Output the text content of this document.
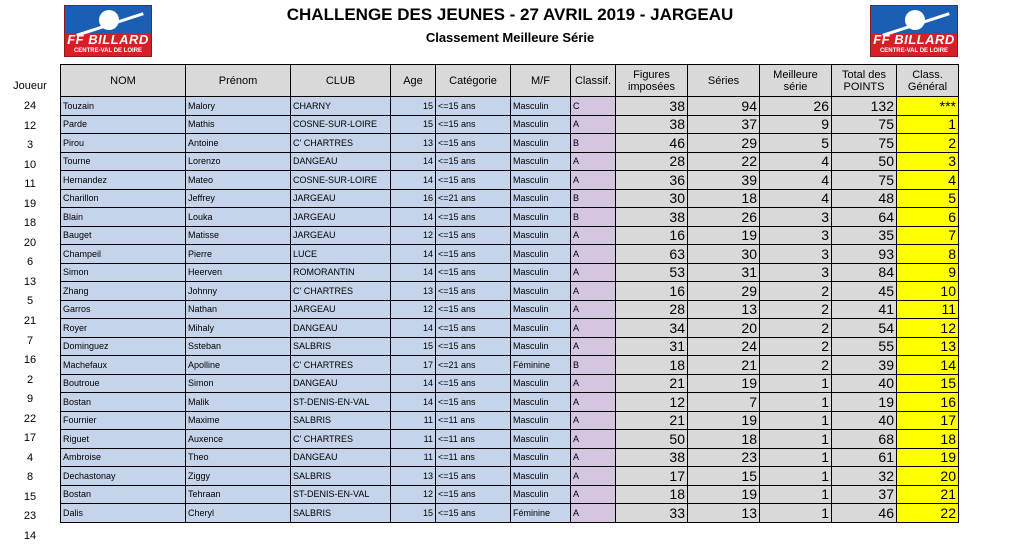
FF BILLARD
CENTRE-VAL DE LOIRE
FF BILLARD
CENTRE-VAL DE LOIRE
CHALLENGE DES JEUNES - 27 AVRIL 2019 - JARGEAU
Classement Meilleure Série
Joueur
24
12
3
10
11
19
18
20
6
13
5
21
7
16
2
9
22
17
4
8
15
23
14
NOM	Prénom	CLUB	Age	Catégorie	M/F	Classif.	Figures imposées	Séries	Meilleure série	Total des POINTS	Class. Général
Touzain	Malory	CHARNY	15	<=15 ans	Masculin	C	38	94	26	132	***
Parde	Mathis	COSNE-SUR-LOIRE	15	<=15 ans	Masculin	A	38	37	9	75	1
Pirou	Antoine	C' CHARTRES	13	<=15 ans	Masculin	B	46	29	5	75	2
Tourne	Lorenzo	DANGEAU	14	<=15 ans	Masculin	A	28	22	4	50	3
Hernandez	Mateo	COSNE-SUR-LOIRE	14	<=15 ans	Masculin	A	36	39	4	75	4
Charillon	Jeffrey	JARGEAU	16	<=21 ans	Masculin	B	30	18	4	48	5
Blain	Louka	JARGEAU	14	<=15 ans	Masculin	B	38	26	3	64	6
Bauget	Matisse	JARGEAU	12	<=15 ans	Masculin	A	16	19	3	35	7
Champeil	Pierre	LUCE	14	<=15 ans	Masculin	A	63	30	3	93	8
Simon	Heerven	ROMORANTIN	14	<=15 ans	Masculin	A	53	31	3	84	9
Zhang	Johnny	C' CHARTRES	13	<=15 ans	Masculin	A	16	29	2	45	10
Garros	Nathan	JARGEAU	12	<=15 ans	Masculin	A	28	13	2	41	11
Royer	Mihaly	DANGEAU	14	<=15 ans	Masculin	A	34	20	2	54	12
Dominguez	Ssteban	SALBRIS	15	<=15 ans	Masculin	A	31	24	2	55	13
Machefaux	Apolline	C' CHARTRES	17	<=21 ans	Féminine	B	18	21	2	39	14
Boutroue	Simon	DANGEAU	14	<=15 ans	Masculin	A	21	19	1	40	15
Bostan	Malik	ST-DENIS-EN-VAL	14	<=15 ans	Masculin	A	12	7	1	19	16
Fournier	Maxime	SALBRIS	11	<=11 ans	Masculin	A	21	19	1	40	17
Riguet	Auxence	C' CHARTRES	11	<=11 ans	Masculin	A	50	18	1	68	18
Ambroise	Theo	DANGEAU	11	<=11 ans	Masculin	A	38	23	1	61	19
Dechastonay	Ziggy	SALBRIS	13	<=15 ans	Masculin	A	17	15	1	32	20
Bostan	Tehraan	ST-DENIS-EN-VAL	12	<=15 ans	Masculin	A	18	19	1	37	21
Dalis	Cheryl	SALBRIS	15	<=15 ans	Féminine	A	33	13	1	46	22
